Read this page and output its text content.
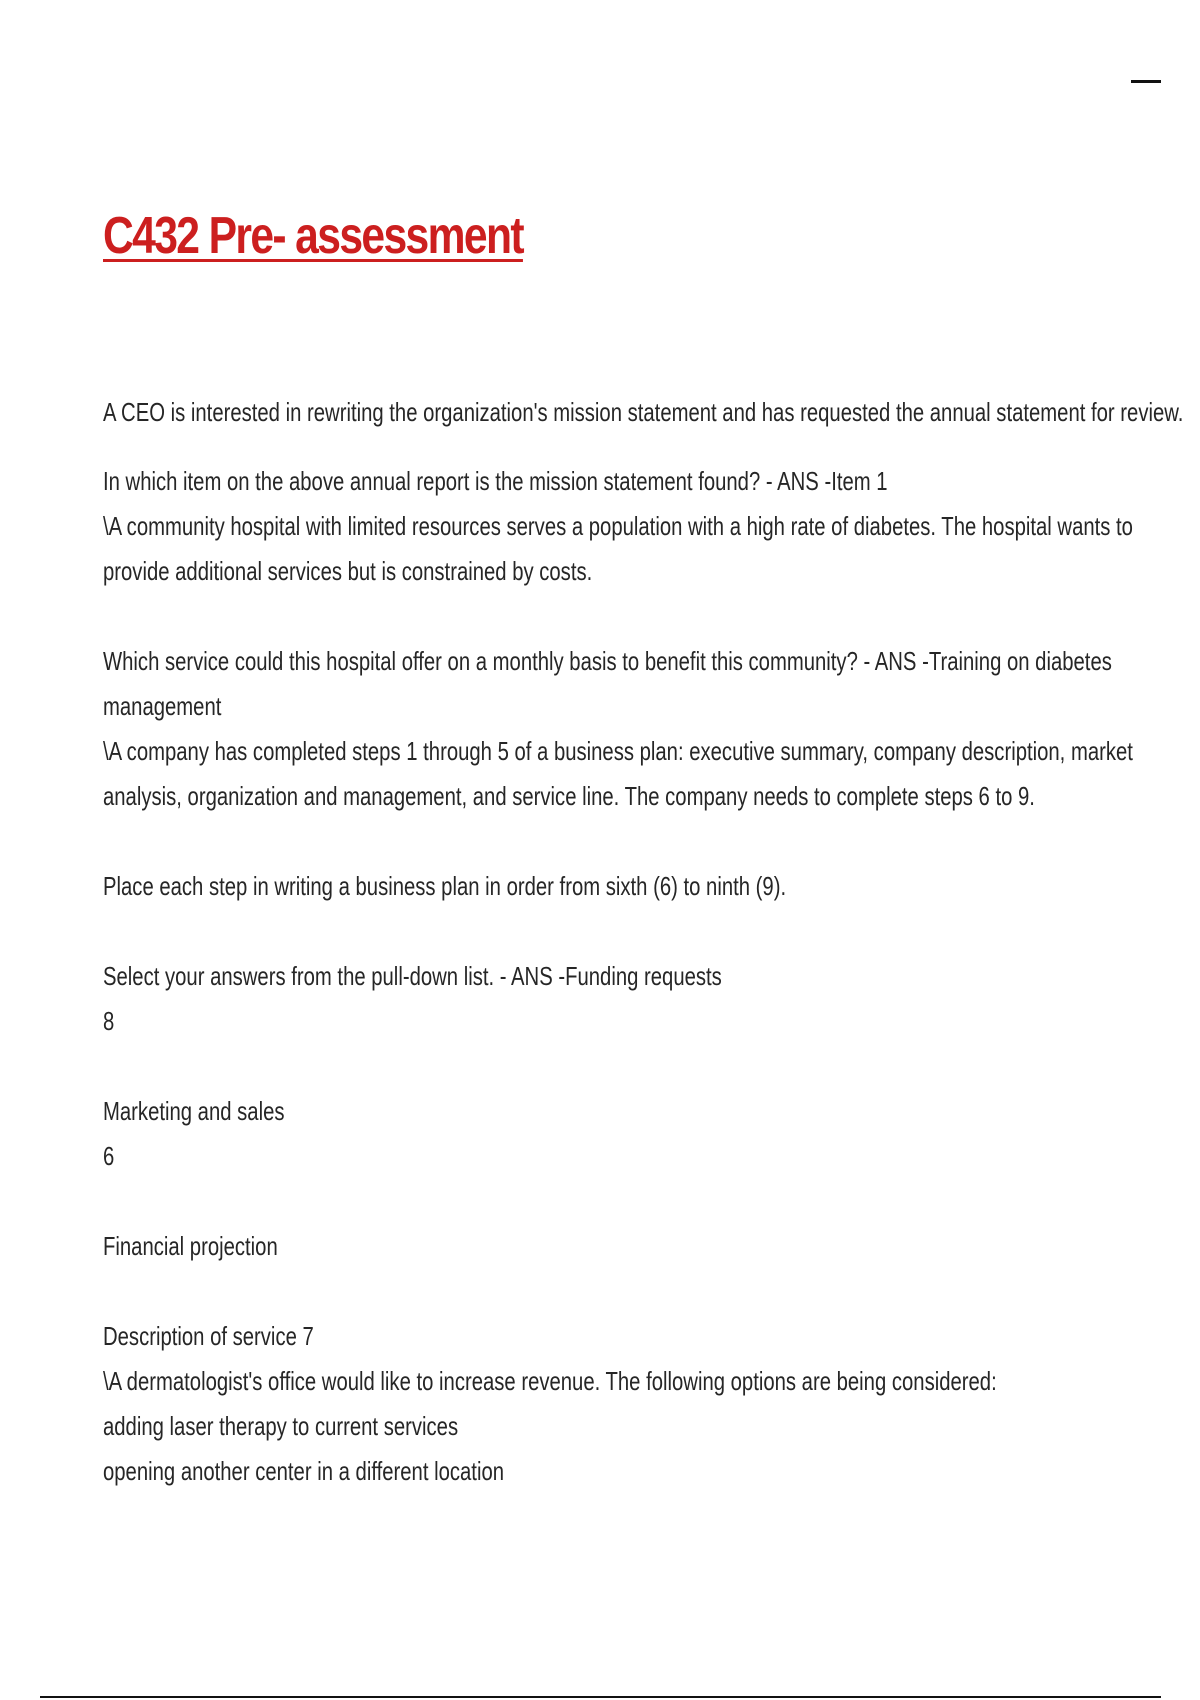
C432 Pre- assessment

A CEO is interested in rewriting the organization's mission statement and has requested the annual statement for review.

In which item on the above annual report is the mission statement found? - ANS -Item 1

\A community hospital with limited resources serves a population with a high rate of diabetes. The hospital wants to

provide additional services but is constrained by costs.

Which service could this hospital offer on a monthly basis to benefit this community? - ANS -Training on diabetes

management

\A company has completed steps 1 through 5 of a business plan: executive summary, company description, market

analysis, organization and management, and service line. The company needs to complete steps 6 to 9.

Place each step in writing a business plan in order from sixth (6) to ninth (9).

Select your answers from the pull-down list. - ANS -Funding requests

8

Marketing and sales

6

Financial projection

Description of service 7

\A dermatologist's office would like to increase revenue. The following options are being considered:

adding laser therapy to current services

opening another center in a different location
